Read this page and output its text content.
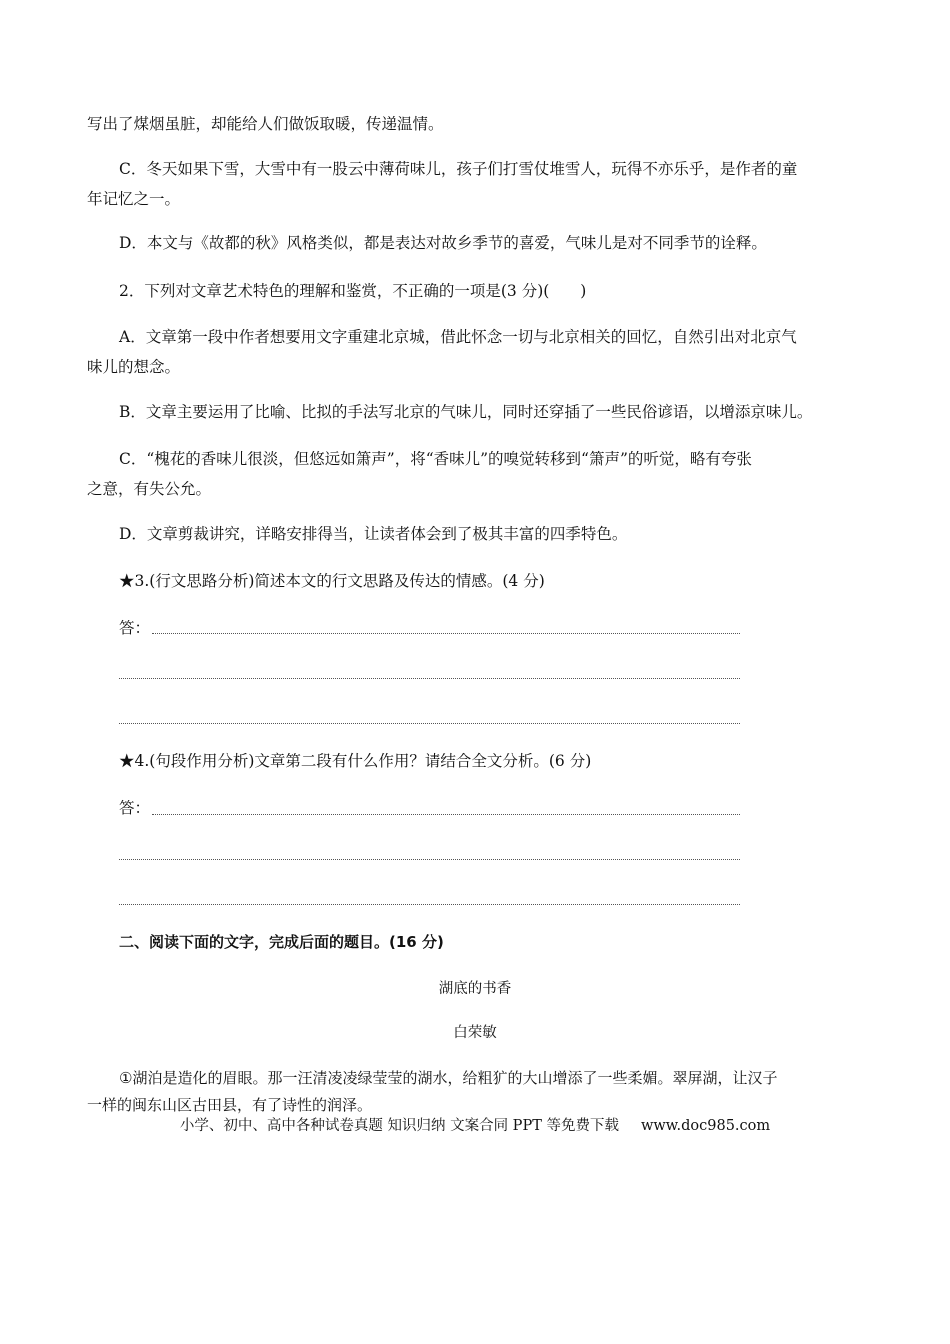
写出了煤烟虽脏，却能给人们做饭取暖，传递温情。
C．冬天如果下雪，大雪中有一股云中薄荷味儿，孩子们打雪仗堆雪人，玩得不亦乐乎，是作者的童
年记忆之一。
D．本文与《故都的秋》风格类似，都是表达对故乡季节的喜爱，气味儿是对不同季节的诠释。
2．下列对文章艺术特色的理解和鉴赏，不正确的一项是(3 分)(　　)
A．文章第一段中作者想要用文字重建北京城，借此怀念一切与北京相关的回忆，自然引出对北京气
味儿的想念。
B．文章主要运用了比喻、比拟的手法写北京的气味儿，同时还穿插了一些民俗谚语，以增添京味儿。
C．“槐花的香味儿很淡，但悠远如箫声”，将“香味儿”的嗅觉转移到“箫声”的听觉，略有夸张
之意，有失公允。
D．文章剪裁讲究，详略安排得当，让读者体会到了极其丰富的四季特色。
★3.(行文思路分析)简述本文的行文思路及传达的情感。(4 分)
答：
★4.(句段作用分析)文章第二段有什么作用？请结合全文分析。(6 分)
答：
二、阅读下面的文字，完成后面的题目。(16 分)
湖底的书香
白荣敏
①湖泊是造化的眉眼。那一汪清凌凌绿莹莹的湖水，给粗犷的大山增添了一些柔媚。翠屏湖，让汉子
一样的闽东山区古田县，有了诗性的润泽。
小学、初中、高中各种试卷真题 知识归纳 文案合同 PPT 等免费下载 www.doc985.com
